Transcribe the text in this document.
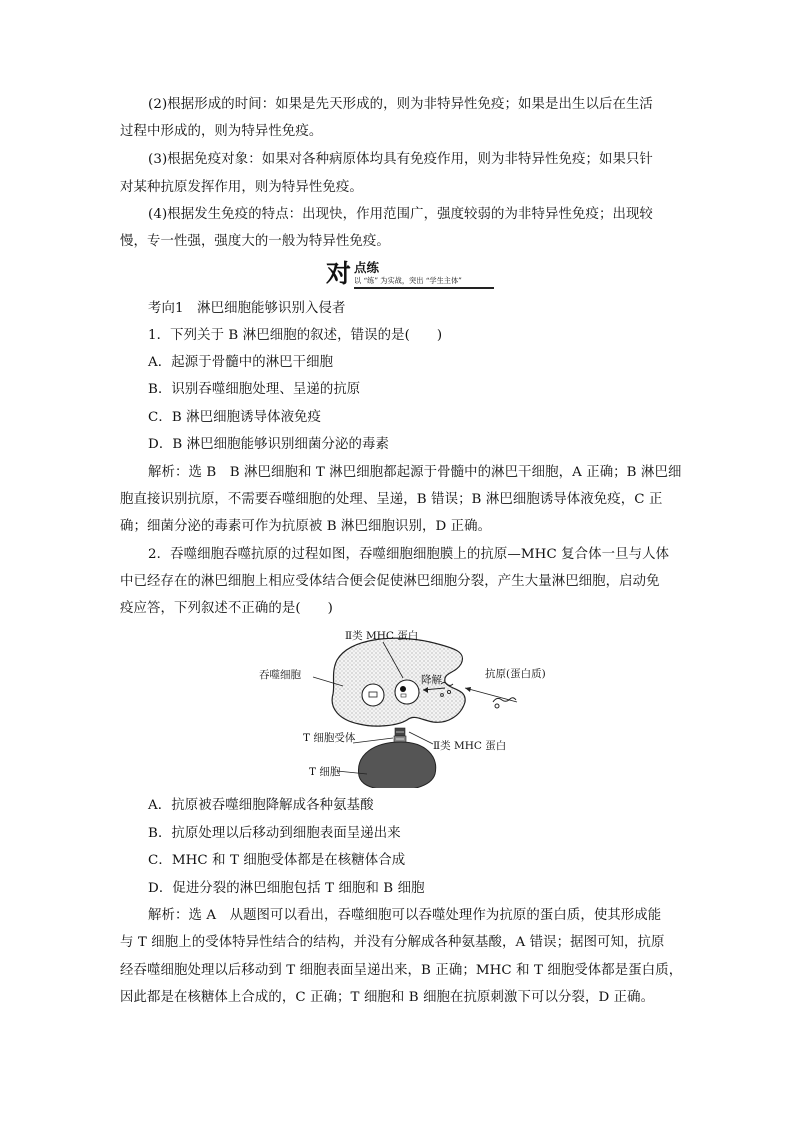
(2)根据形成的时间：如果是先天形成的，则为非特异性免疫；如果是出生以后在生活
过程中形成的，则为特异性免疫。
(3)根据免疫对象：如果对各种病原体均具有免疫作用，则为非特异性免疫；如果只针
对某种抗原发挥作用，则为特异性免疫。
(4)根据发生免疫的特点：出现快，作用范围广，强度较弱的为非特异性免疫；出现较
慢，专一性强，强度大的一般为特异性免疫。
对 点练
以 “练” 为实战，突出 “学生主体”
考向1　淋巴细胞能够识别入侵者
1．下列关于 B 淋巴细胞的叙述，错误的是(　　)
A．起源于骨髓中的淋巴干细胞
B．识别吞噬细胞处理、呈递的抗原
C．B 淋巴细胞诱导体液免疫
D．B 淋巴细胞能够识别细菌分泌的毒素
解析：选 B　B 淋巴细胞和 T 淋巴细胞都起源于骨髓中的淋巴干细胞，A 正确；B 淋巴细
胞直接识别抗原，不需要吞噬细胞的处理、呈递，B 错误；B 淋巴细胞诱导体液免疫，C 正
确；细菌分泌的毒素可作为抗原被 B 淋巴细胞识别，D 正确。
2．吞噬细胞吞噬抗原的过程如图，吞噬细胞细胞膜上的抗原—MHC 复合体一旦与人体
中已经存在的淋巴细胞上相应受体结合便会促使淋巴细胞分裂，产生大量淋巴细胞，启动免
疫应答，下列叙述不正确的是(　　)
Ⅱ类 MHC 蛋白
吞噬细胞	降解	抗原(蛋白质)
T 细胞受体
Ⅱ类 MHC 蛋白
T 细胞
A．抗原被吞噬细胞降解成各种氨基酸
B．抗原处理以后移动到细胞表面呈递出来
C．MHC 和 T 细胞受体都是在核糖体合成
D．促进分裂的淋巴细胞包括 T 细胞和 B 细胞
解析：选 A　从题图可以看出，吞噬细胞可以吞噬处理作为抗原的蛋白质，使其形成能
与 T 细胞上的受体特异性结合的结构，并没有分解成各种氨基酸，A 错误；据图可知，抗原
经吞噬细胞处理以后移动到 T 细胞表面呈递出来，B 正确；MHC 和 T 细胞受体都是蛋白质，
因此都是在核糖体上合成的，C 正确；T 细胞和 B 细胞在抗原刺激下可以分裂，D 正确。
